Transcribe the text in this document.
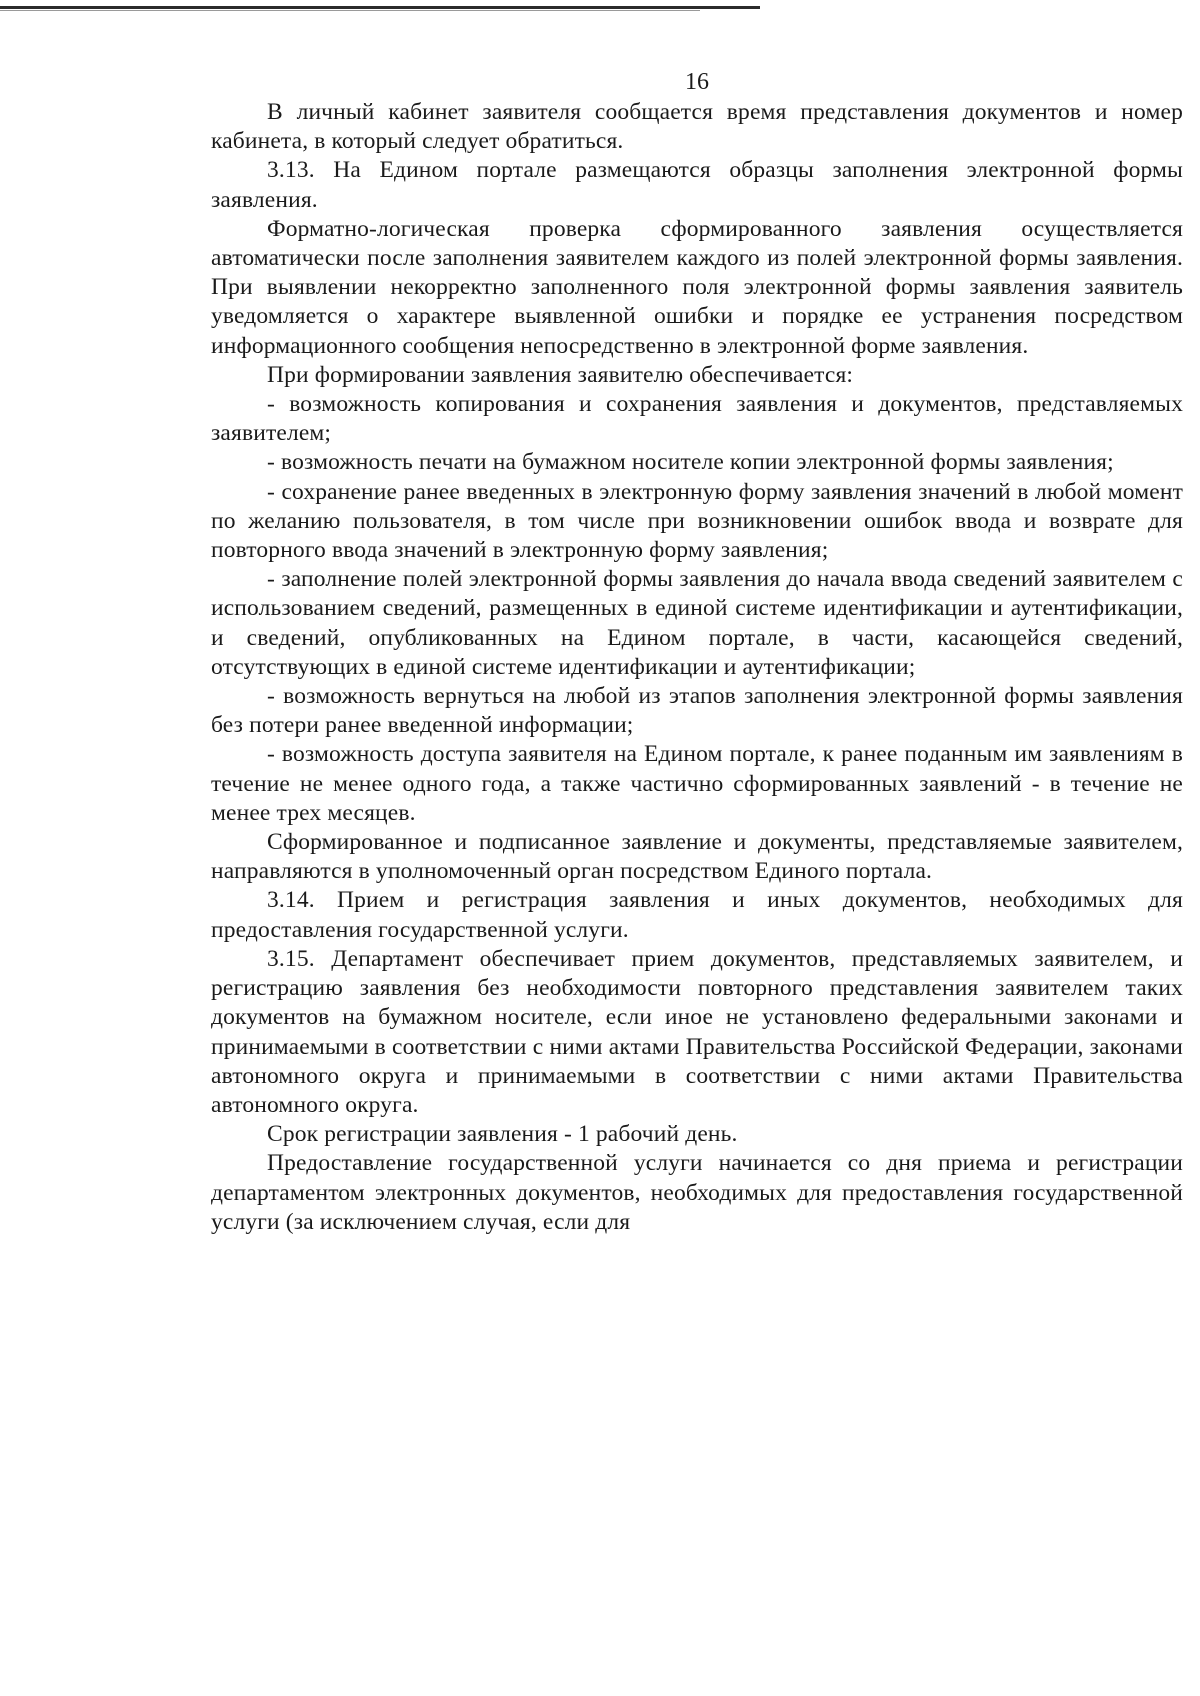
16

В личный кабинет заявителя сообщается время представления документов и номер кабинета, в который следует обратиться.

3.13. На Едином портале размещаются образцы заполнения электронной формы заявления.

Форматно-логическая проверка сформированного заявления осуществляется автоматически после заполнения заявителем каждого из полей электронной формы заявления. При выявлении некорректно заполненного поля электронной формы заявления заявитель уведомляется о характере выявленной ошибки и порядке ее устранения посредством информационного сообщения непосредственно в электронной форме заявления.

При формировании заявления заявителю обеспечивается:

- возможность копирования и сохранения заявления и документов, представляемых заявителем;

- возможность печати на бумажном носителе копии электронной формы заявления;

- сохранение ранее введенных в электронную форму заявления значений в любой момент по желанию пользователя, в том числе при возникновении ошибок ввода и возврате для повторного ввода значений в электронную форму заявления;

- заполнение полей электронной формы заявления до начала ввода сведений заявителем с использованием сведений, размещенных в единой системе идентификации и аутентификации, и сведений, опубликованных на Едином портале, в части, касающейся сведений, отсутствующих в единой системе идентификации и аутентификации;

- возможность вернуться на любой из этапов заполнения электронной формы заявления без потери ранее введенной информации;

- возможность доступа заявителя на Едином портале, к ранее поданным им заявлениям в течение не менее одного года, а также частично сформированных заявлений - в течение не менее трех месяцев.

Сформированное и подписанное заявление и документы, представляемые заявителем, направляются в уполномоченный орган посредством Единого портала.

3.14. Прием и регистрация заявления и иных документов, необходимых для предоставления государственной услуги.

3.15. Департамент обеспечивает прием документов, представляемых заявителем, и регистрацию заявления без необходимости повторного представления заявителем таких документов на бумажном носителе, если иное не установлено федеральными законами и принимаемыми в соответствии с ними актами Правительства Российской Федерации, законами автономного округа и принимаемыми в соответствии с ними актами Правительства автономного округа.

Срок регистрации заявления - 1 рабочий день.

Предоставление государственной услуги начинается со дня приема и регистрации департаментом электронных документов, необходимых для предоставления государственной услуги (за исключением случая, если для
